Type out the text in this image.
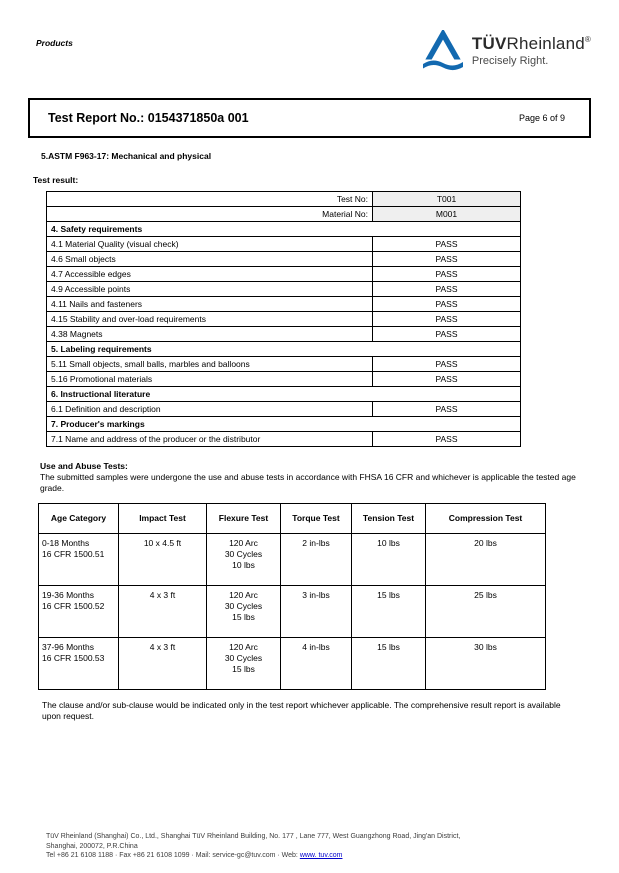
Products	TÜVRheinland®
Precisely Right.
Test Report No.: 0154371850a 001	Page 6 of 9
5.ASTM F963-17: Mechanical and physical
Test result:
Test No:	T001
Material No:	M001
4. Safety requirements	
4.1 Material Quality (visual check)	PASS
4.6 Small objects	PASS
4.7 Accessible edges	PASS
4.9 Accessible points	PASS
4.11 Nails and fasteners	PASS
4.15 Stability and over-load requirements	PASS
4.38 Magnets	PASS
5. Labeling requirements	
5.11 Small objects, small balls, marbles and balloons	PASS
5.16 Promotional materials	PASS
6. Instructional literature	
6.1 Definition and description	PASS
7. Producer's markings	
7.1 Name and address of the producer or the distributor	PASS
Use and Abuse Tests:
The submitted samples were undergone the use and abuse tests in accordance with FHSA 16 CFR and whichever is applicable the tested age grade.
Age Category	Impact Test	Flexure Test	Torque Test	Tension Test	Compression Test

0-18 Months
16 CFR 1500.51
	10 x 4.5 ft	120 Arc
30 Cycles
10 lbs
	2 in-lbs	10 lbs	20 lbs

19-36 Months
16 CFR 1500.52
	4 x 3 ft	120 Arc
30 Cycles
15 lbs
	3 in-lbs	15 lbs	25 lbs

37-96 Months
16 CFR 1500.53
	4 x 3 ft	120 Arc
30 Cycles
15 lbs
	4 in-lbs	15 lbs	30 lbs
The clause and/or sub-clause would be indicated only in the test report whichever applicable. The comprehensive result report is available upon request.
TüV Rheinland (Shanghai) Co., Ltd., Shanghai TüV Rheinland Building, No. 177 , Lane 777, West Guangzhong Road, Jing'an District,
Shanghai, 200072, P.R.China
Tel +86 21 6108 1188 · Fax +86 21 6108 1099 · Mail: service-gc@tuv.com · Web: www. tuv.com
